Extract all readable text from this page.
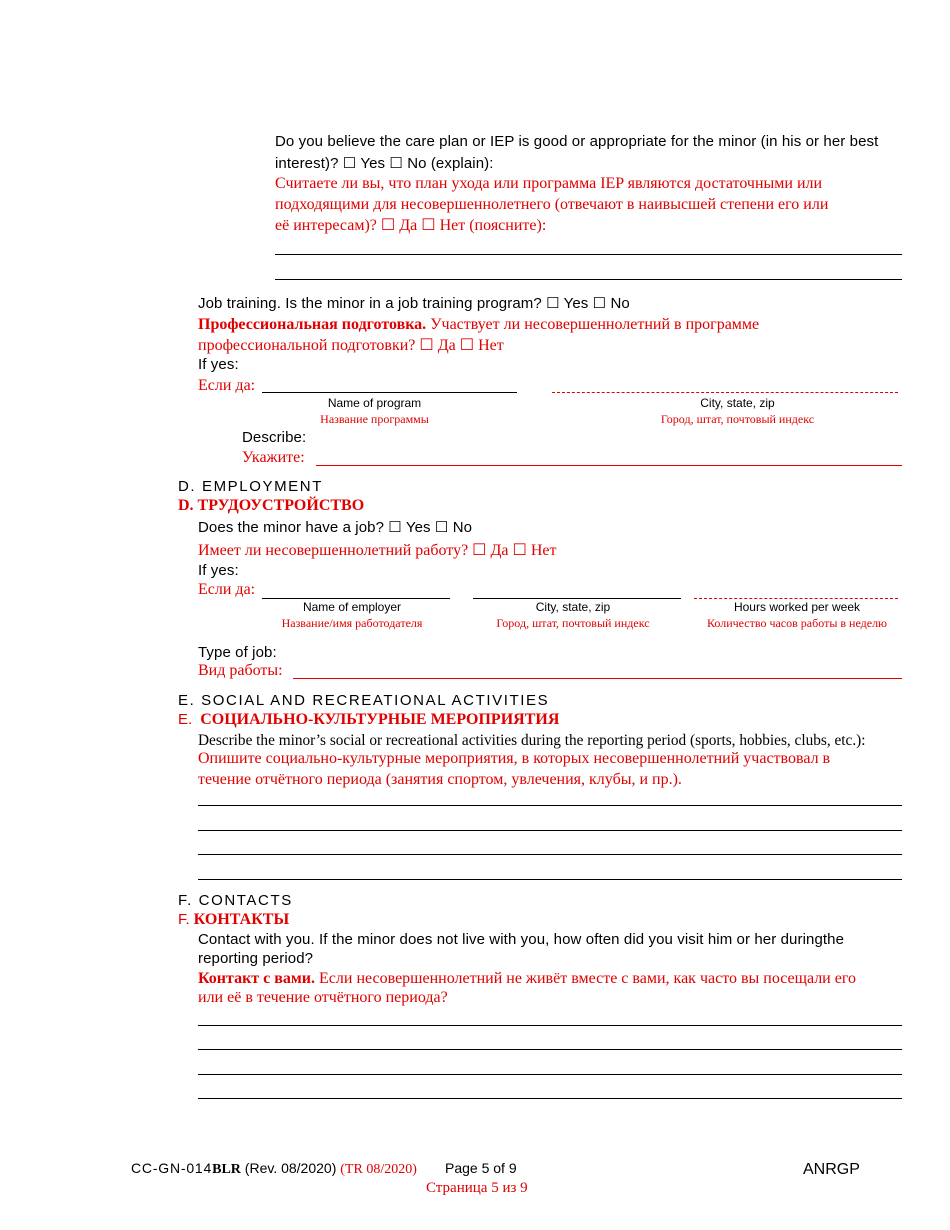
Do you believe the care plan or IEP is good or appropriate for the minor (in his or her best
interest)? ☐ Yes ☐ No (explain):
Считаете ли вы, что план ухода или программа IEP являются достаточными или
подходящими для несовершеннолетнего (отвечают в наивысшей степени его или
её интересам)? ☐ Да ☐ Нет (поясните):
Job training. Is the minor in a job training program? ☐ Yes ☐ No
Профессиональная подготовка. Участвует ли несовершеннолетний в программе
профессиональной подготовки? ☐ Да ☐ Нет
If yes:
Если да:
Name of program
Название программы
City, state, zip
Город, штат, почтовый индекс
Describe:
Укажите:
D. EMPLOYMENT
D. ТРУДОУСТРОЙСТВО
Does the minor have a job? ☐ Yes ☐ No
Имеет ли несовершеннолетний работу? ☐ Да ☐ Нет
If yes:
Если да:
Name of employer
Название/имя работодателя
City, state, zip
Город, штат, почтовый индекс
Hours worked per week
Количество часов работы в неделю
Type of job:
Вид работы:
E. SOCIAL AND RECREATIONAL ACTIVITIES
E. СОЦИАЛЬНО-КУЛЬТУРНЫЕ МЕРОПРИЯТИЯ
Describe the minor’s social or recreational activities during the reporting period (sports, hobbies, clubs, etc.):
Опишите социально-культурные мероприятия, в которых несовершеннолетний участвовал в
течение отчётного периода (занятия спортом, увлечения, клубы, и пр.).
F. CONTACTS
F. КОНТАКТЫ
Contact with you. If the minor does not live with you, how often did you visit him or her duringthe
reporting period?
Контакт с вами. Если несовершеннолетний не живёт вместе с вами, как часто вы посещали его
или её в течение отчётного периода?
CC-GN-014BLR (Rev. 08/2020) (TR 08/2020) Page 5 of 9
Страница 5 из 9
ANRGP
